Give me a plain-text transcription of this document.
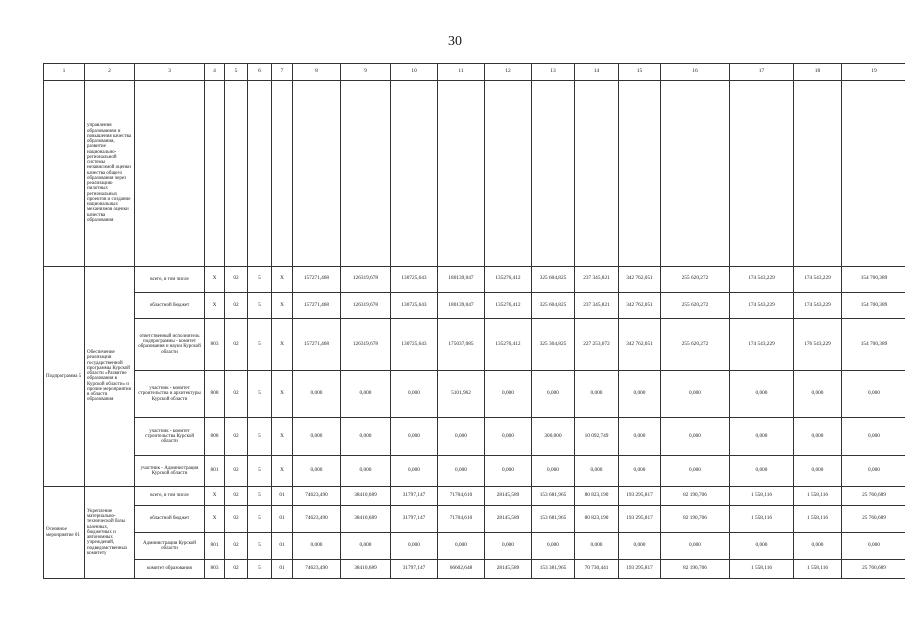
30
1	2	3	4	5	6	7	8	9	10	11	12	13	14	15	16	17	18	19
	управления образованием и повышения качества образования, развитие национально-региональной системы независимой оценки качества общего образования через реализацию пилотных региональных проектов и создание национальных механизмов оценки качества образования																	
Подпрограмма 5	Обеспечение реализации государственной программы Курской области «Развитие образования в Курской области» и прочие мероприятия в области образования	всего, в том числе	Х	02	5	Х	157271,468	126319,678	130725,643	180139,047	135276,412	325 604,825	237 345,821	342 762,051	255 620,272	174 543,229	174 543,229	154 700,389
		областной бюджет	Х	02	5	Х	157271,468	126319,678	130725,643	180139,047	135276,412	325 604,825	237 345,821	342 762,051	255 620,272	174 543,229	174 543,229	154 700,389
		ответственный исполнитель подпрограммы - комитет образования и науки Курской области	803	02	5	Х	157271,468	126319,678	130725,643	175037,085	135276,412	325 304,825	227 253,072	342 762,051	255 620,272	174 543,229	176 543,229	154 700,389
		участник - комитет строительства и архитектуры Курской области	808	02	5	Х	0,000	0,000	0,000	5101,962	0,000	0,000	0,000	0,000	0,000	0,000	0,000	0,000
		участник - комитет строительства Курской области	808	02	5	Х	0,000	0,000	0,000	0,000	0,000	300,000	10 092,749	0,000	0,000	0,000	0,000	0,000
		участник - Администрация Курской области	801	02	5	Х	0,000	0,000	0,000	0,000	0,000	0,000	0,000	0,000	0,000	0,000	0,000	0,000
Основное мероприятие 01	Укрепление материально-технической базы казенных, бюджетных и автономных учреждений, подведомственных комитету	всего, в том числе	Х	02	5	01	74623,490	38410,689	31797,147	71704,610	28145,589	153 681,965	80 823,190	193 295,817	82 190,706	1 558,116	1 558,116	25 760,689
		областной бюджет	Х	02	5	01	74623,490	38410,689	31797,147	71704,610	28145,589	153 681,965	80 823,190	193 295,817	82 190,706	1 558,116	1 558,116	25 760,689
		Администрация Курской области	801	02	5	01	0,000	0,000	0,000	0,000	0,000	0,000	0,000	0,000	0,000	0,000	0,000	0,000
		комитет образования	803	02	5	01	74623,490	38410,689	31797,147	66602,648	28145,589	153 381,965	70 730,441	193 295,817	82 190,706	1 558,116	1 558,116	25 760,689
